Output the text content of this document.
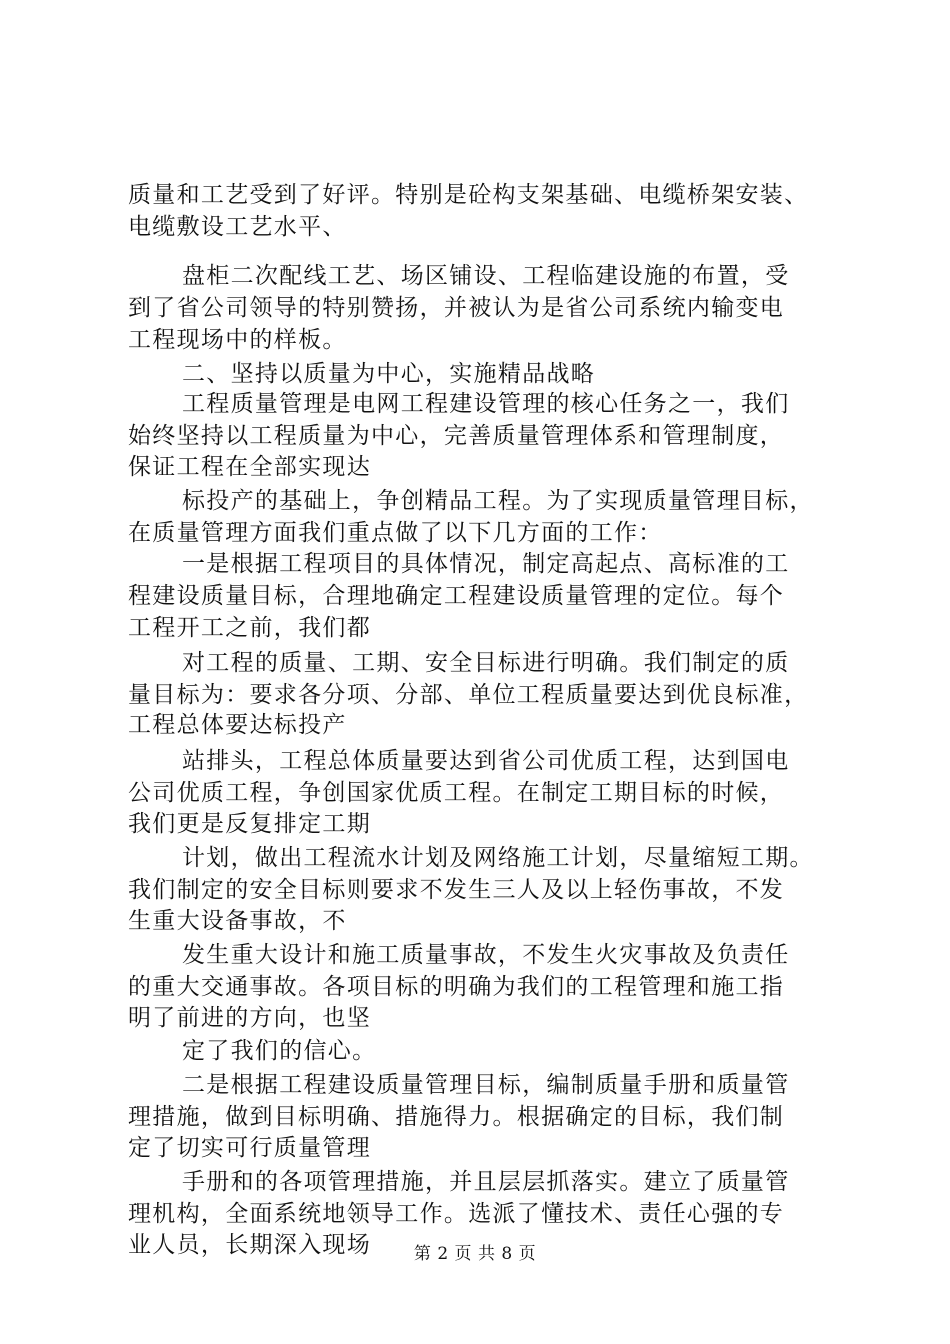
质量和工艺受到了好评。特别是砼构支架基础、电缆桥架安装、
电缆敷设工艺水平、
盘柜二次配线工艺、场区铺设、工程临建设施的布置，受
到了省公司领导的特别赞扬，并被认为是省公司系统内输变电
工程现场中的样板。
二、坚持以质量为中心，实施精品战略
工程质量管理是电网工程建设管理的核心任务之一，我们
始终坚持以工程质量为中心，完善质量管理体系和管理制度，
保证工程在全部实现达
标投产的基础上，争创精品工程。为了实现质量管理目标，
在质量管理方面我们重点做了以下几方面的工作：
一是根据工程项目的具体情况，制定高起点、高标准的工
程建设质量目标，合理地确定工程建设质量管理的定位。每个
工程开工之前，我们都
对工程的质量、工期、安全目标进行明确。我们制定的质
量目标为：要求各分项、分部、单位工程质量要达到优良标准，
工程总体要达标投产
站排头，工程总体质量要达到省公司优质工程，达到国电
公司优质工程，争创国家优质工程。在制定工期目标的时候，
我们更是反复排定工期
计划，做出工程流水计划及网络施工计划，尽量缩短工期。
我们制定的安全目标则要求不发生三人及以上轻伤事故，不发
生重大设备事故，不
发生重大设计和施工质量事故，不发生火灾事故及负责任
的重大交通事故。各项目标的明确为我们的工程管理和施工指
明了前进的方向，也坚
定了我们的信心。
二是根据工程建设质量管理目标，编制质量手册和质量管
理措施，做到目标明确、措施得力。根据确定的目标，我们制
定了切实可行质量管理
手册和的各项管理措施，并且层层抓落实。建立了质量管
理机构，全面系统地领导工作。选派了懂技术、责任心强的专
业人员，长期深入现场	第 2 页 共 8 页
